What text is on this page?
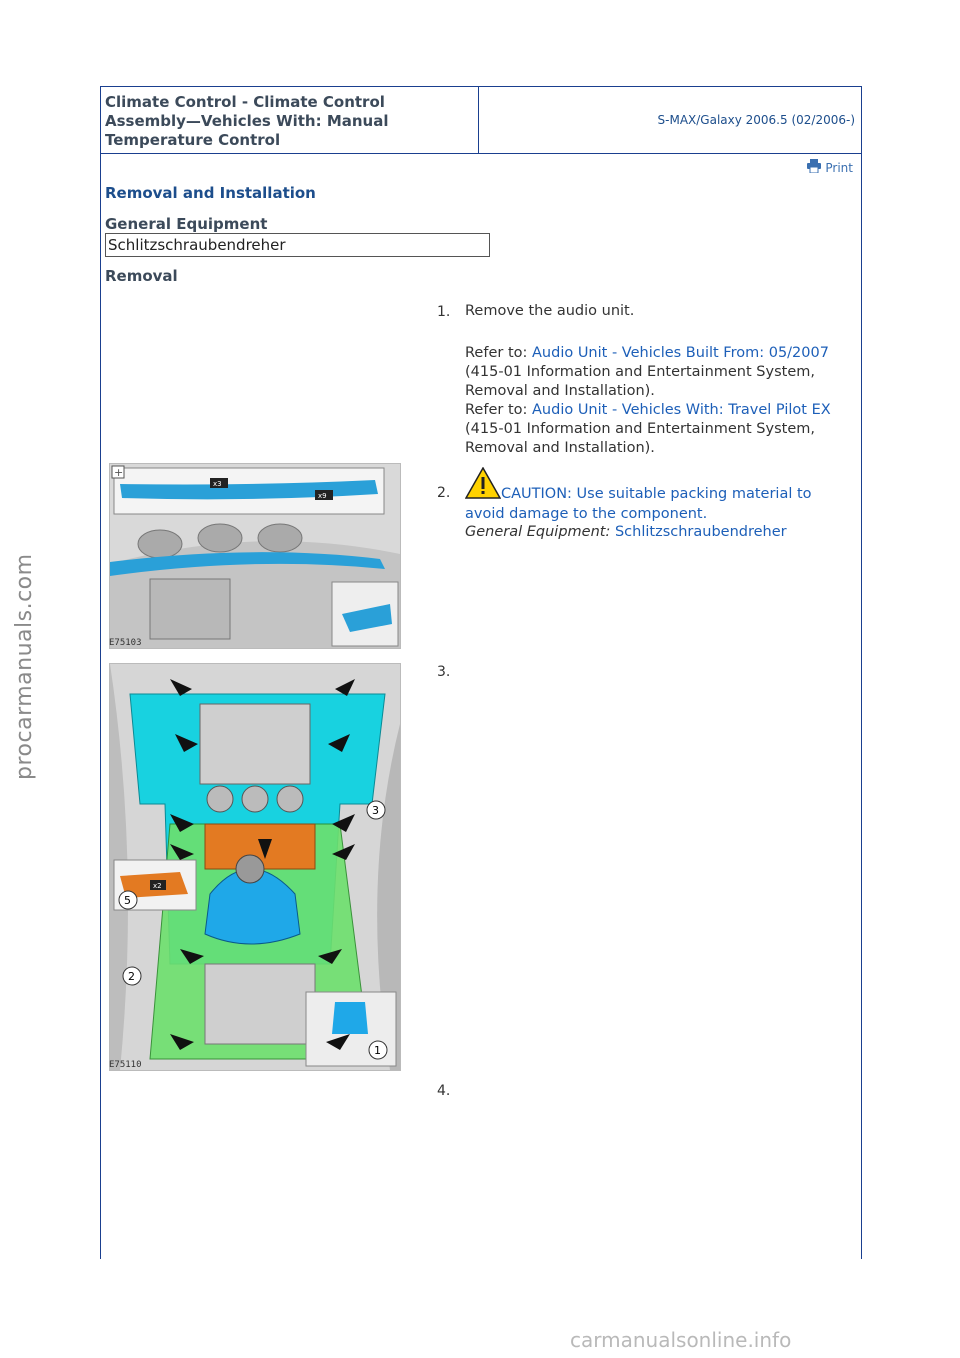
Climate Control - Climate Control
Assembly—Vehicles With: Manual
Temperature Control
S-MAX/Galaxy 2006.5 (02/2006-)
Print
Removal and Installation
General Equipment
Schlitzschraubendreher
Removal
1. Remove the audio unit.
Refer to: Audio Unit - Vehicles Built From: 05/2007 (415-01 Information and Entertainment System, Removal and Installation).
Refer to: Audio Unit - Vehicles With: Travel Pilot EX (415-01 Information and Entertainment System, Removal and Installation).
x3
x9
+
E75103
2.	CAUTION: Use suitable packing material to avoid damage to the component.
General Equipment: Schlitzschraubendreher
x2
1
2
3
5
E75110
3.
4.
procarmanuals.com
carmanualsonline.info
